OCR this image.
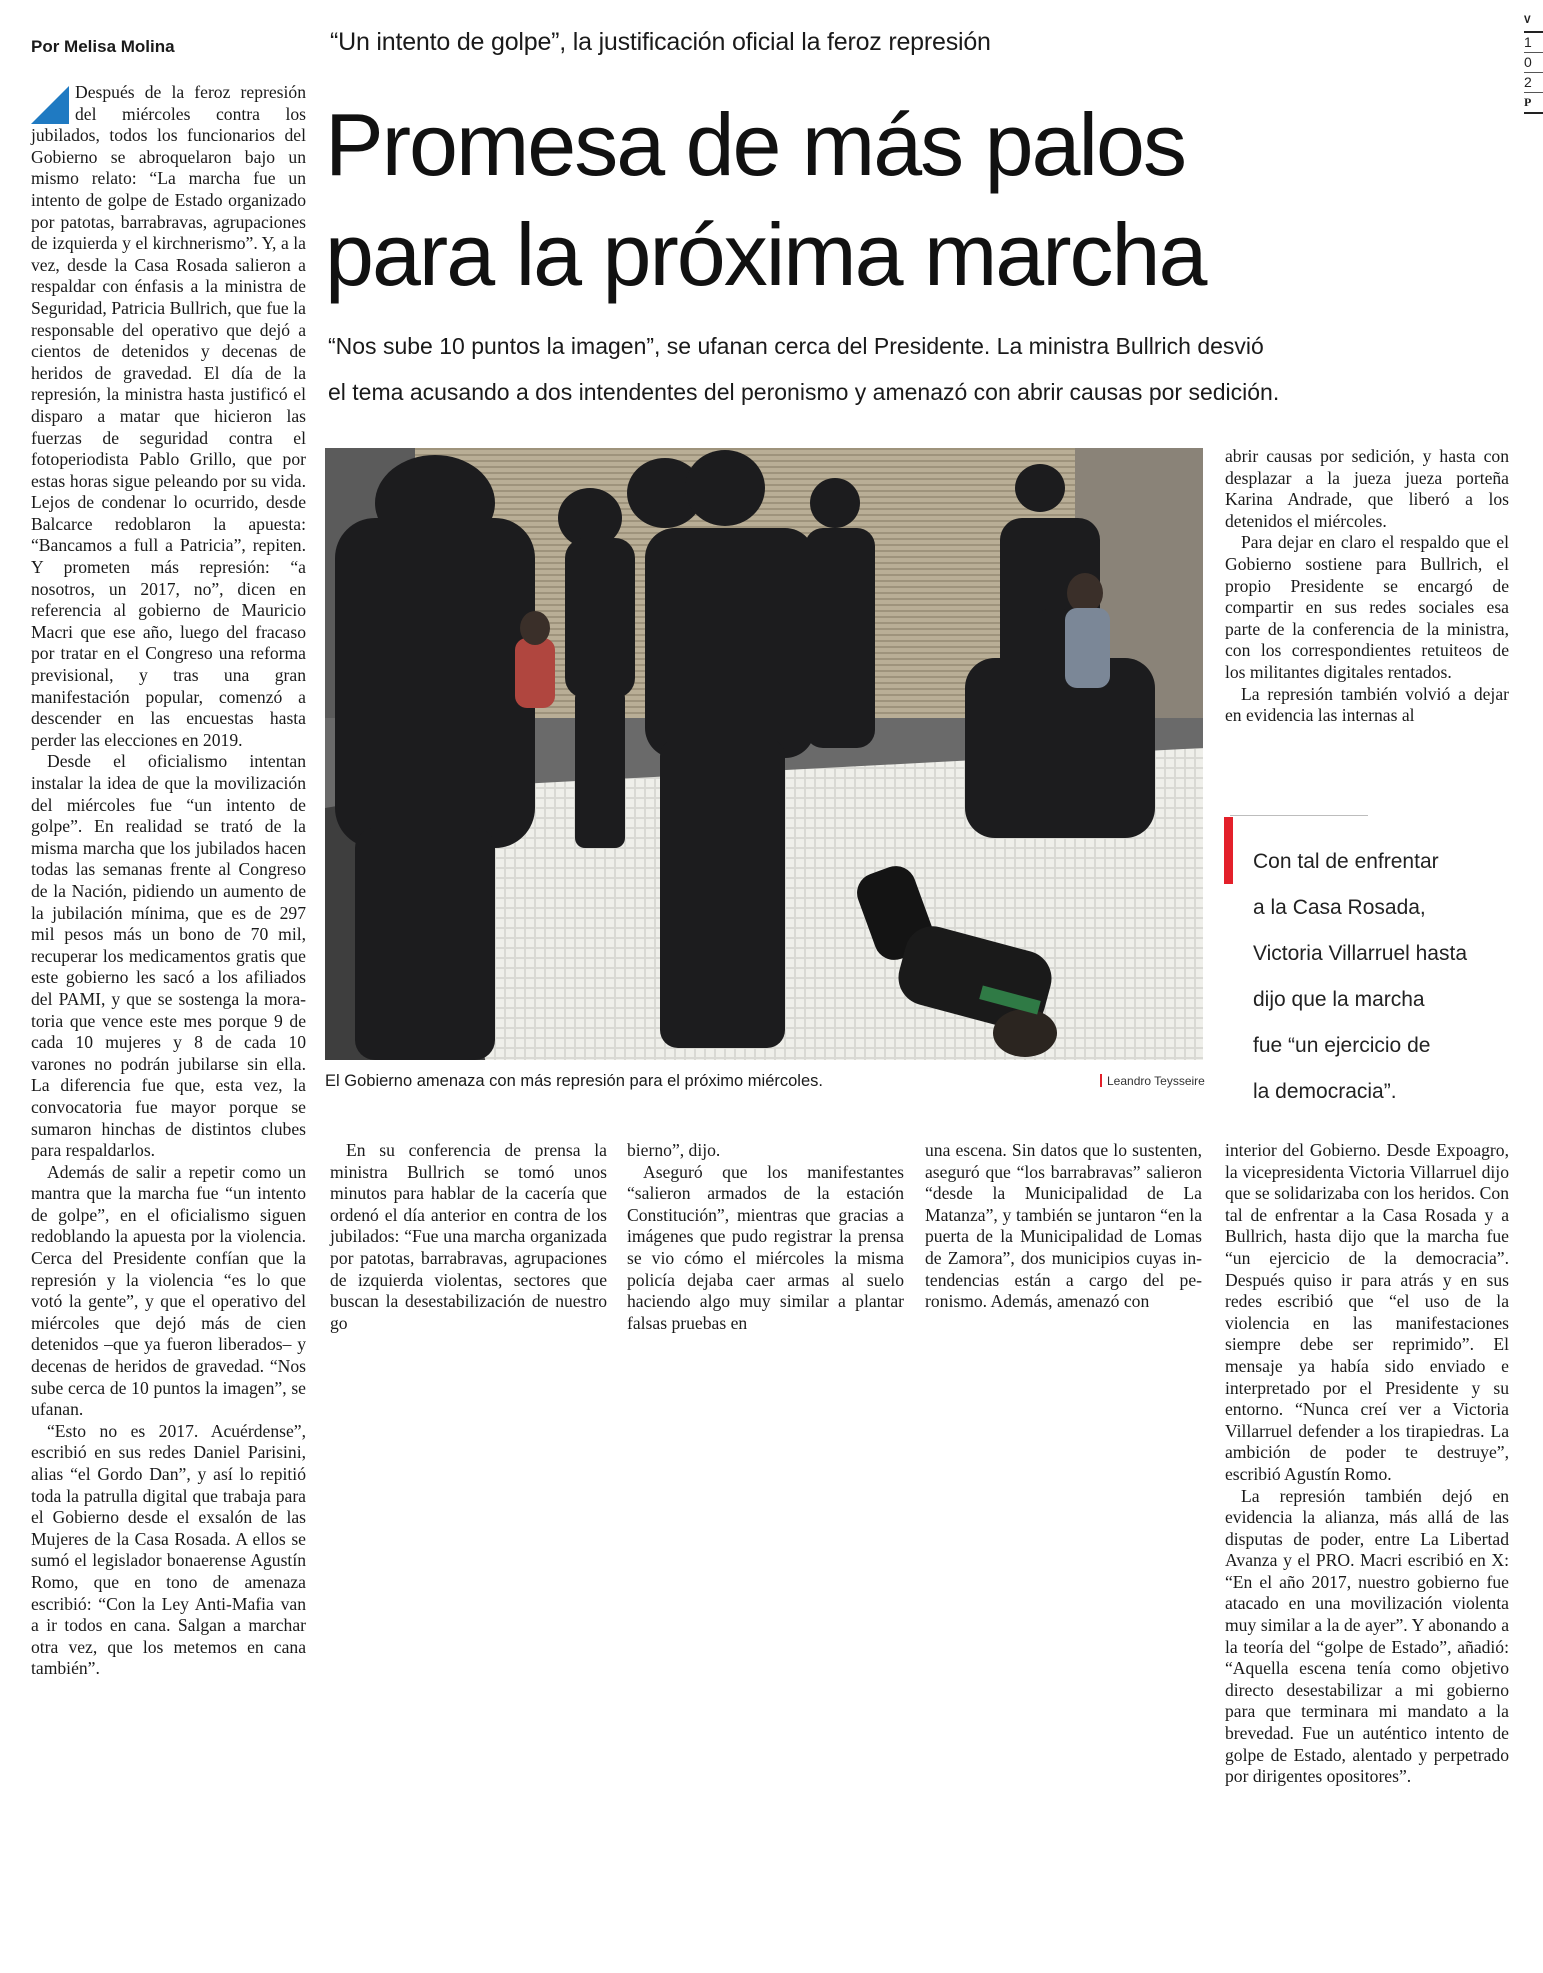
Por Melisa Molina	“Un intento de golpe”, la justificación oficial la feroz represión
Promesa de más palos
para la próxima marcha

“Nos sube 10 puntos la imagen”, se ufanan cerca del Presidente. La ministra Bullrich desvió
el tema acusando a dos intendentes del peronismo y amenazó con abrir causas por sedición.

Después de la feroz represión del miércoles contra los jubilados, todos los funcionarios del Gobierno se abroquelaron bajo un mismo relato: “La marcha fue un intento de golpe de Estado organizado por patotas, barrabravas, agrupaciones de izquierda y el kirchnerismo”. Y, a la vez, desde la Casa Rosada salieron a respaldar con énfasis a la ministra de Seguridad, Patricia Bullrich, que fue la responsable del operativo que dejó a cientos de detenidos y decenas de heridos de gravedad. El día de la represión, la ministra hasta justificó el disparo a matar que hicieron las fuerzas de seguridad contra el fotoperiodista Pablo Grillo, que por estas horas sigue peleando por su vida. Lejos de condenar lo ocurrido, desde Balcarce redoblaron la apuesta: “Bancamos a full a Patricia”, repiten. Y prometen más represión: “a nosotros, un 2017, no”, dicen en referencia al gobierno de Mauricio Macri que ese año, luego del fracaso por tratar en el Congreso una reforma previsional, y tras una gran manifestación popular, comenzó a descender en las encuestas hasta perder las elecciones en 2019.

Desde el oficialismo intentan instalar la idea de que la movilización del miércoles fue “un intento de golpe”. En realidad se trató de la misma marcha que los jubilados hacen todas las semanas frente al Congreso de la Nación, pidiendo un aumento de la jubilación mínima, que es de 297 mil pesos más un bono de 70 mil, recuperar los medicamentos gratis que este gobierno les sacó a los afiliados del PAMI, y que se sostenga la moratoria que vence este mes porque 9 de cada 10 mujeres y 8 de cada 10 varones no podrán jubilarse sin ella. La diferencia fue que, esta vez, la convocatoria fue mayor porque se sumaron hinchas de distintos clubes para respaldarlos.

Además de salir a repetir como un mantra que la marcha fue “un intento de golpe”, en el oficialismo siguen redoblando la apuesta por la violencia. Cerca del Presidente confían que la represión y la violencia “es lo que votó la gente”, y que el operativo del miércoles que dejó más de cien detenidos –que ya fueron liberados– y decenas de heridos de gravedad. “Nos sube cerca de 10 puntos la imagen”, se ufanan.

“Esto no es 2017. Acuérdense”, escribió en sus redes Daniel Parisini, alias “el Gordo Dan”, y así lo repitió toda la patrulla digital que trabaja para el Gobierno desde el exsalón de las Mujeres de la Casa Rosada. A ellos se sumó el legislador bonaerense Agustín Romo, que en tono de amenaza escribió: “Con la Ley Anti-Mafia van a ir todos en cana. Salgan a marchar otra vez, que los metemos en cana también”.

El Gobierno amenaza con más represión para el próximo miércoles.	Leandro Teysseire

abrir causas por sedición, y hasta con desplazar a la jueza jueza porteña Karina Andrade, que liberó a los detenidos el miércoles.

Para dejar en claro el respaldo que el Gobierno sostiene para Bullrich, el propio Presidente se encargó de compartir en sus redes sociales esa parte de la conferencia de la ministra, con los correspondientes retuiteos de los militantes digitales rentados.

La represión también volvió a dejar en evidencia las internas al

Con tal de enfrentar
a la Casa Rosada,
Victoria Villarruel hasta
dijo que la marcha
fue “un ejercicio de
la democracia”.

En su conferencia de prensa la ministra Bullrich se tomó unos minutos para hablar de la cacería que ordenó el día anterior en contra de los jubilados: “Fue una marcha organizada por patotas, barrabravas, agrupaciones de izquierda violentas, sectores que buscan la desestabilización de nuestro go

bierno”, dijo.

Aseguró que los manifestantes “salieron armados de la estación Constitución”, mientras que gracias a imágenes que pudo registrar la prensa se vio cómo el miércoles la misma policía dejaba caer armas al suelo haciendo algo muy similar a plantar falsas pruebas en

una escena. Sin datos que lo sustenten, aseguró que “los barrabravas” salieron “desde la Municipalidad de La Matanza”, y también se juntaron “en la puerta de la Municipalidad de Lomas de Zamora”, dos municipios cuyas intendencias están a cargo del peronismo. Además, amenazó con

interior del Gobierno. Desde Expoagro, la vicepresidenta Victoria Villarruel dijo que se solidarizaba con los heridos. Con tal de enfrentar a la Casa Rosada y a Bullrich, hasta dijo que la marcha fue “un ejercicio de la democracia”. Después quiso ir para atrás y en sus redes escribió que “el uso de la violencia en las manifestaciones siempre debe ser reprimido”. El mensaje ya había sido enviado e interpretado por el Presidente y su entorno. “Nunca creí ver a Victoria Villarruel defender a los tirapiedras. La ambición de poder te destruye”, escribió Agustín Romo.

La represión también dejó en evidencia la alianza, más allá de las disputas de poder, entre La Libertad Avanza y el PRO. Macri escribió en X: “En el año 2017, nuestro gobierno fue atacado en una movilización violenta muy similar a la de ayer”. Y abonando a la teoría del “golpe de Estado”, añadió: “Aquella escena tenía como objetivo directo desestabilizar a mi gobierno para que terminara mi mandato a la brevedad. Fue un auténtico intento de golpe de Estado, alentado y perpetrado por dirigentes opositores”.

V
1
0
2
P
